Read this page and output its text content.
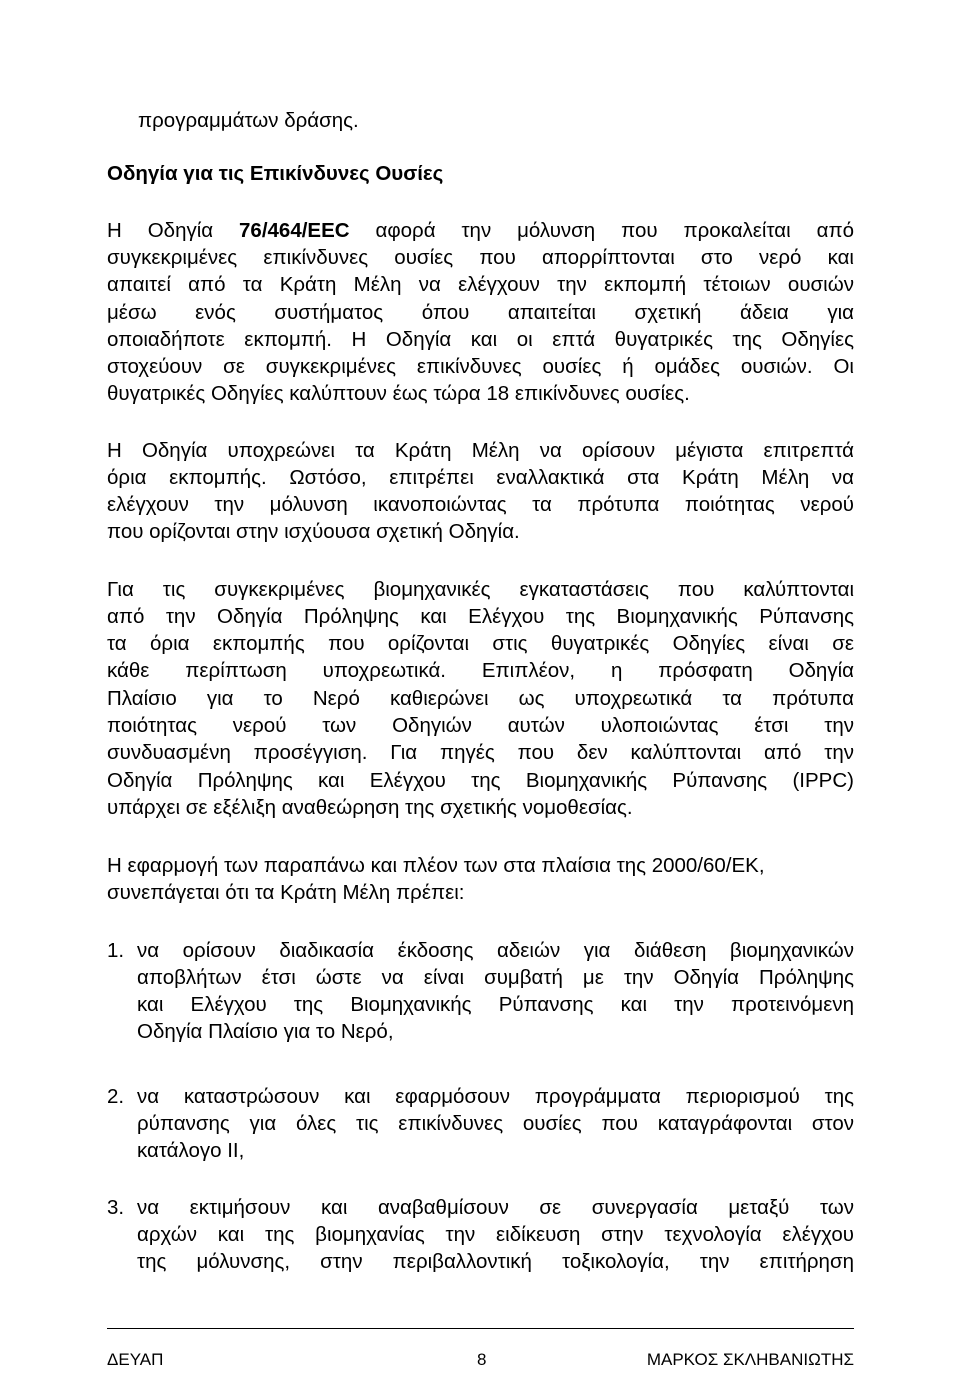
προγραμμάτων δράσης.
Οδηγία για τις Επικίνδυνες Ουσίες
Η Οδηγία 76/464/EEC αφορά την μόλυνση που προκαλείται από
συγκεκριμένες επικίνδυνες ουσίες που απορρίπτονται στο νερό και
απαιτεί από τα Κράτη Μέλη να ελέγχουν την εκπομπή τέτοιων ουσιών
μέσω ενός συστήματος όπου απαιτείται σχετική άδεια για
οποιαδήποτε εκπομπή. Η Οδηγία και οι επτά θυγατρικές της Οδηγίες
στοχεύουν σε συγκεκριμένες επικίνδυνες ουσίες ή ομάδες ουσιών. Οι
θυγατρικές Οδηγίες καλύπτουν έως τώρα 18 επικίνδυνες ουσίες.
Η Οδηγία υποχρεώνει τα Κράτη Μέλη να ορίσουν μέγιστα επιτρεπτά
όρια εκπομπής. Ωστόσο, επιτρέπει εναλλακτικά στα Κράτη Μέλη να
ελέγχουν την μόλυνση ικανοποιώντας τα πρότυπα ποιότητας νερού
που ορίζονται στην ισχύουσα σχετική Οδηγία.
Για τις συγκεκριμένες βιομηχανικές εγκαταστάσεις που καλύπτονται
από την Οδηγία Πρόληψης και Ελέγχου της Βιομηχανικής Ρύπανσης
τα όρια εκπομπής που ορίζονται στις θυγατρικές Οδηγίες είναι σε
κάθε περίπτωση υποχρεωτικά. Επιπλέον, η πρόσφατη Οδηγία
Πλαίσιο για το Νερό καθιερώνει ως υποχρεωτικά τα πρότυπα
ποιότητας νερού των Οδηγιών αυτών υλοποιώντας έτσι την
συνδυασμένη προσέγγιση. Για πηγές που δεν καλύπτονται από την
Οδηγία Πρόληψης και Ελέγχου της Βιομηχανικής Ρύπανσης (IPPC)
υπάρχει σε εξέλιξη αναθεώρηση της σχετικής νομοθεσίας.
Η εφαρμογή των παραπάνω και πλέον των στα πλαίσια της 2000/60/ΕΚ,
συνεπάγεται ότι τα Κράτη Μέλη πρέπει:
1. να ορίσουν διαδικασία έκδοσης αδειών για διάθεση βιομηχανικών
αποβλήτων έτσι ώστε να είναι συμβατή με την Οδηγία Πρόληψης
και Ελέγχου της Βιομηχανικής Ρύπανσης και την προτεινόμενη
Οδηγία Πλαίσιο για το Νερό,
2. να καταστρώσουν και εφαρμόσουν προγράμματα περιορισμού της
ρύπανσης για όλες τις επικίνδυνες ουσίες που καταγράφονται στον
κατάλογο II,
3. να εκτιμήσουν και αναβαθμίσουν σε συνεργασία μεταξύ των
αρχών και της βιομηχανίας την ειδίκευση στην τεχνολογία ελέγχου
της μόλυνσης, στην περιβαλλοντική τοξικολογία, την επιτήρηση
ΔΕΥΑΠ	8	ΜΑΡΚΟΣ ΣΚΛΗΒΑΝΙΩΤΗΣ
